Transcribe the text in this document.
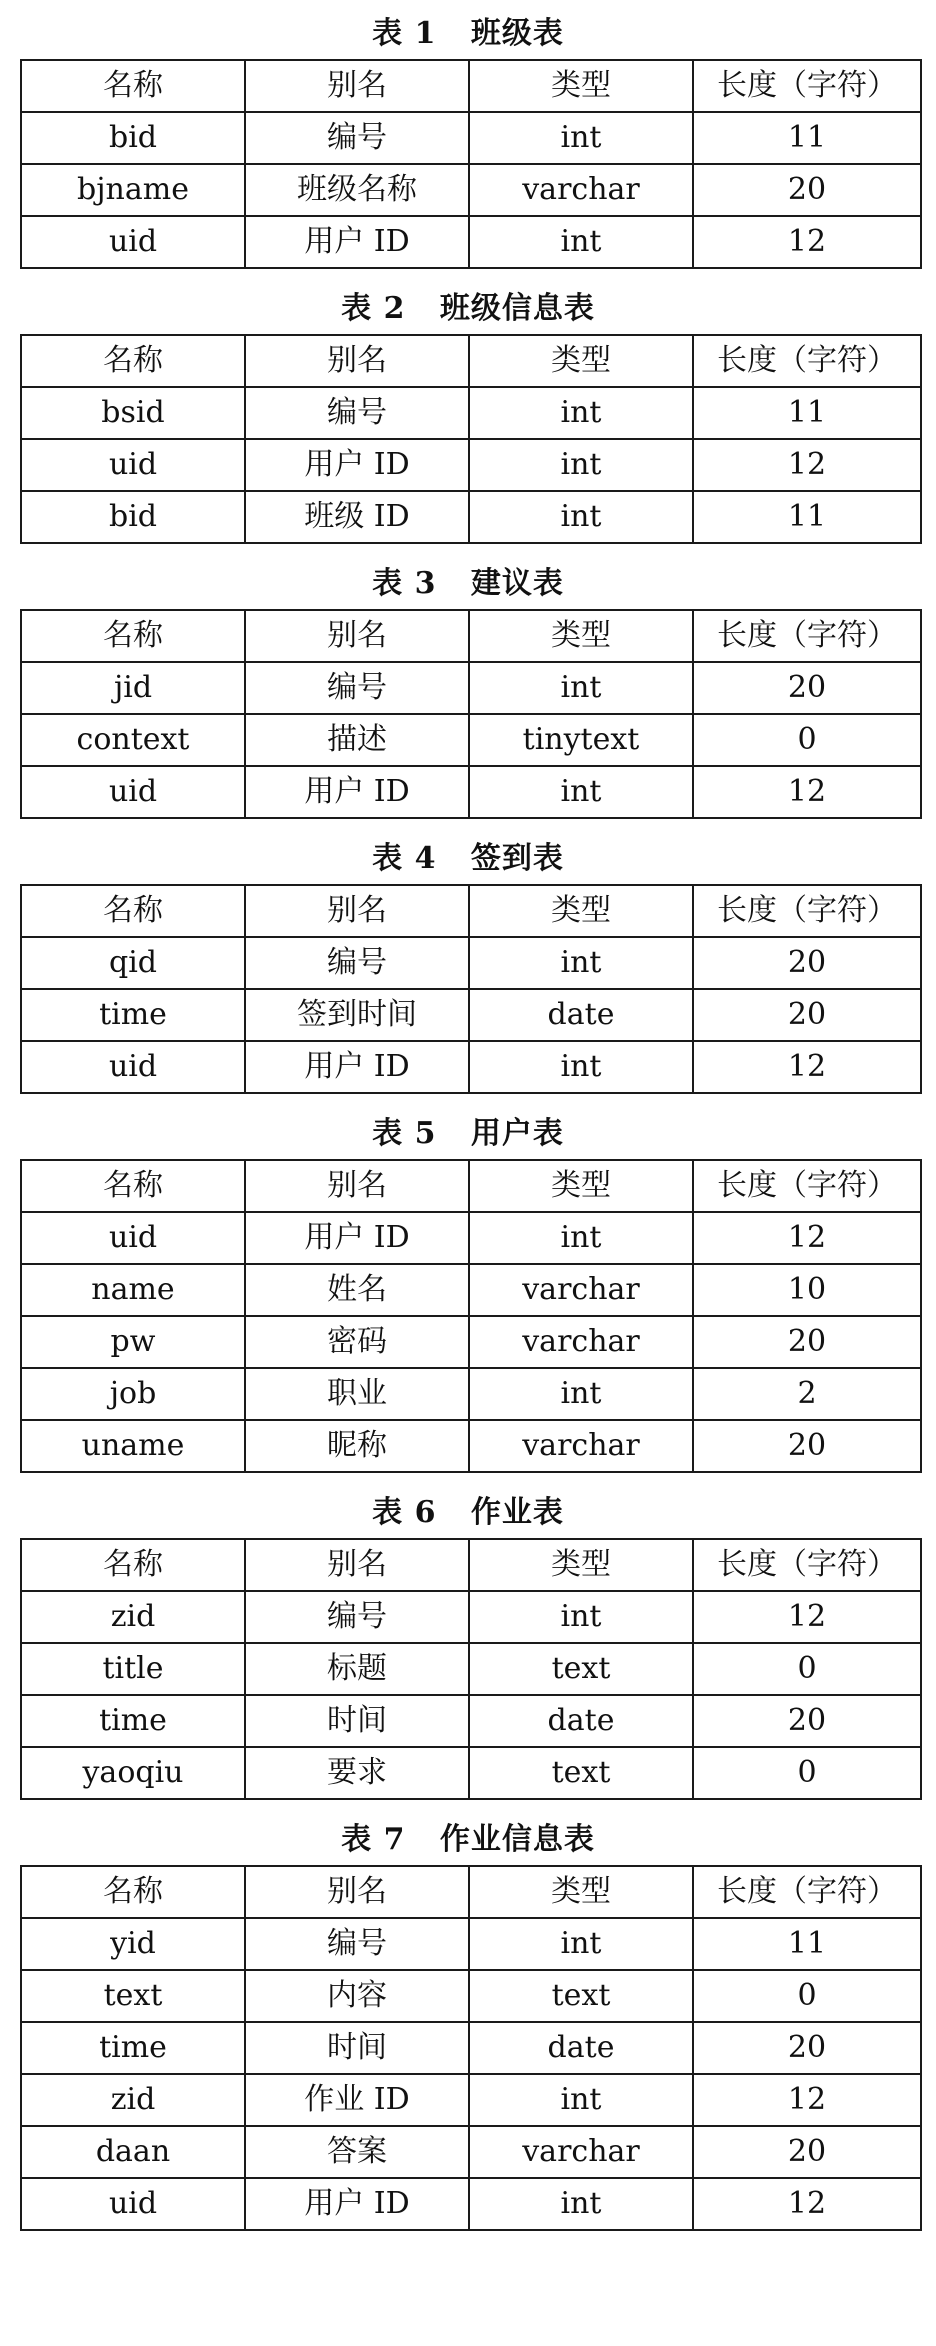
表 1   班级表
名称	别名	类型	长度（字符）
bid	编号	int	11
bjname	班级名称	varchar	20
uid	用户 ID	int	12
表 2   班级信息表
名称	别名	类型	长度（字符）
bsid	编号	int	11
uid	用户 ID	int	12
bid	班级 ID	int	11
表 3   建议表
名称	别名	类型	长度（字符）
jid	编号	int	20
context	描述	tinytext	0
uid	用户 ID	int	12
表 4   签到表
名称	别名	类型	长度（字符）
qid	编号	int	20
time	签到时间	date	20
uid	用户 ID	int	12
表 5   用户表
名称	别名	类型	长度（字符）
uid	用户 ID	int	12
name	姓名	varchar	10
pw	密码	varchar	20
job	职业	int	2
uname	昵称	varchar	20
表 6   作业表
名称	别名	类型	长度（字符）
zid	编号	int	12
title	标题	text	0
time	时间	date	20
yaoqiu	要求	text	0
表 7   作业信息表
名称	别名	类型	长度（字符）
yid	编号	int	11
text	内容	text	0
time	时间	date	20
zid	作业 ID	int	12
daan	答案	varchar	20
uid	用户 ID	int	12
